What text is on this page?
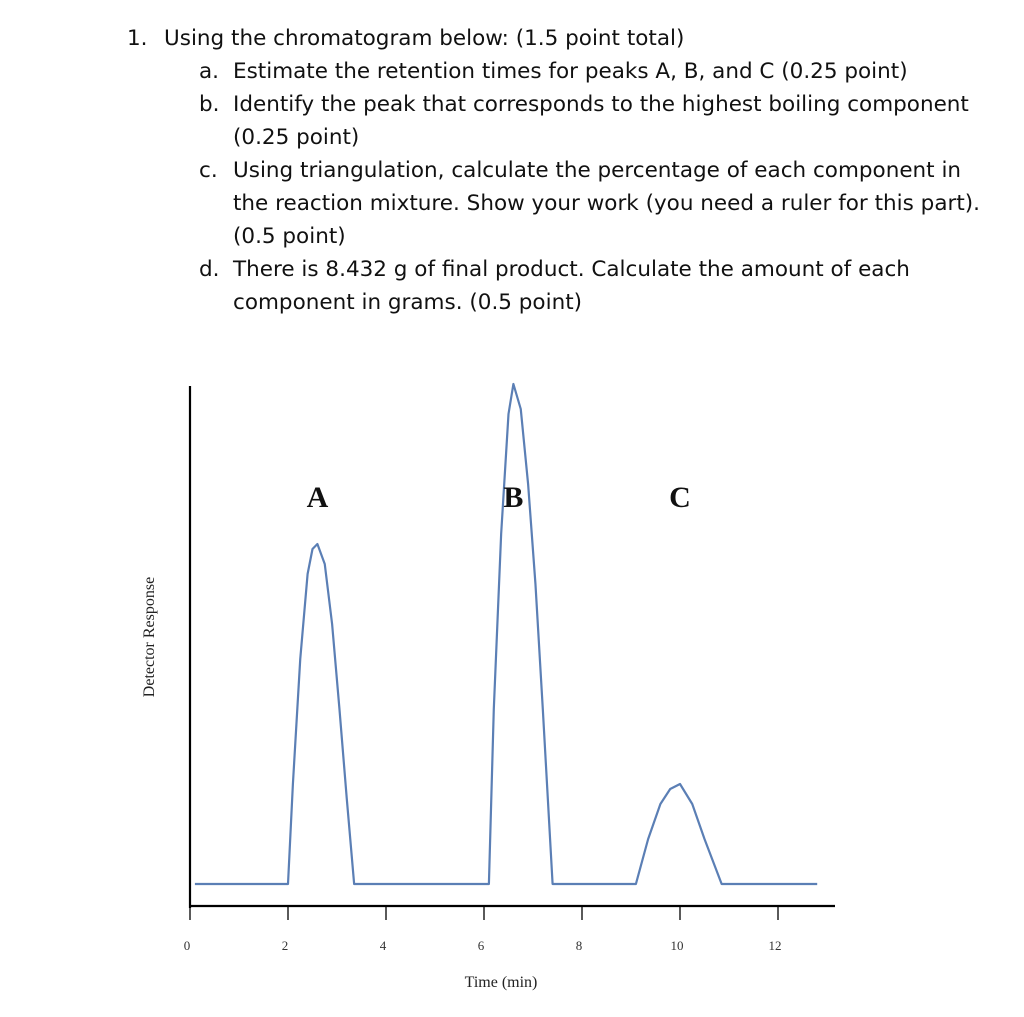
1. Using the chromatogram below: (1.5 point total)
a. Estimate the retention times for peaks A, B, and C (0.25 point)
b. Identify the peak that corresponds to the highest boiling component (0.25 point)
c. Using triangulation, calculate the percentage of each component in the reaction mixture. Show your work (you need a ruler for this part). (0.5 point)
d. There is 8.432 g of final product. Calculate the amount of each component in grams. (0.5 point)
0	2	4	6	8	10	12
A	B	C
Time (min)
Detector Response
